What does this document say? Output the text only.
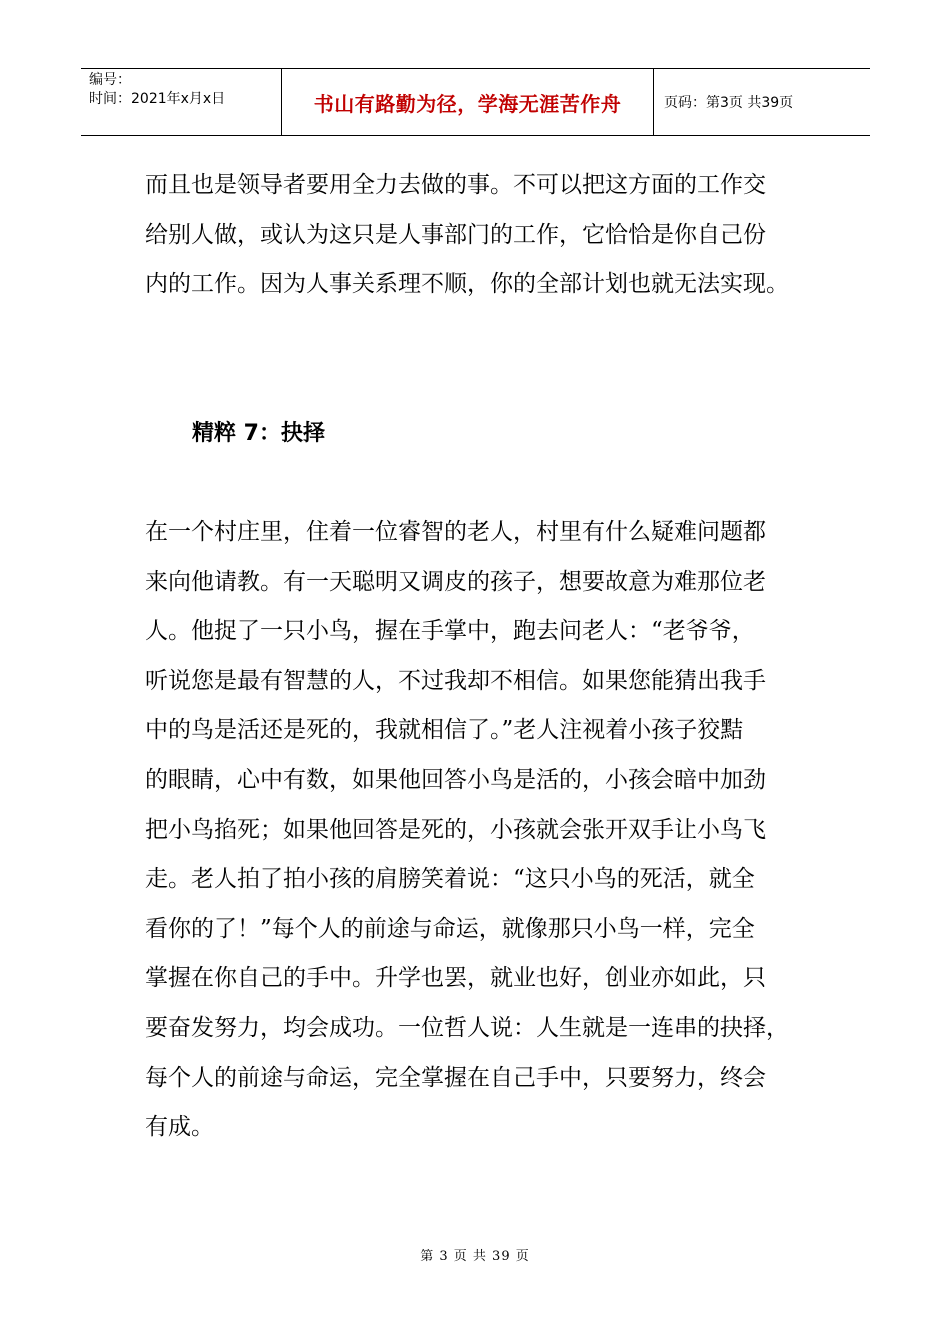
编号：
时间：2021年x月x日	书山有路勤为径，学海无涯苦作舟	页码：第3页 共39页
而且也是领导者要用全力去做的事。不可以把这方面的工作交
给别人做，或认为这只是人事部门的工作，它恰恰是你自己份
内的工作。因为人事关系理不顺，你的全部计划也就无法实现。
精粹 7：抉择
在一个村庄里，住着一位睿智的老人，村里有什么疑难问题都
来向他请教。有一天聪明又调皮的孩子，想要故意为难那位老
人。他捉了一只小鸟，握在手掌中，跑去问老人：“老爷爷，
听说您是最有智慧的人，不过我却不相信。如果您能猜出我手
中的鸟是活还是死的，我就相信了。”老人注视着小孩子狡黠
的眼睛，心中有数，如果他回答小鸟是活的，小孩会暗中加劲
把小鸟掐死；如果他回答是死的，小孩就会张开双手让小鸟飞
走。老人拍了拍小孩的肩膀笑着说：“这只小鸟的死活，就全
看你的了！”每个人的前途与命运，就像那只小鸟一样，完全
掌握在你自己的手中。升学也罢，就业也好，创业亦如此，只
要奋发努力，均会成功。一位哲人说：人生就是一连串的抉择，
每个人的前途与命运，完全掌握在自己手中，只要努力，终会
有成。
第 3 页 共 39 页
